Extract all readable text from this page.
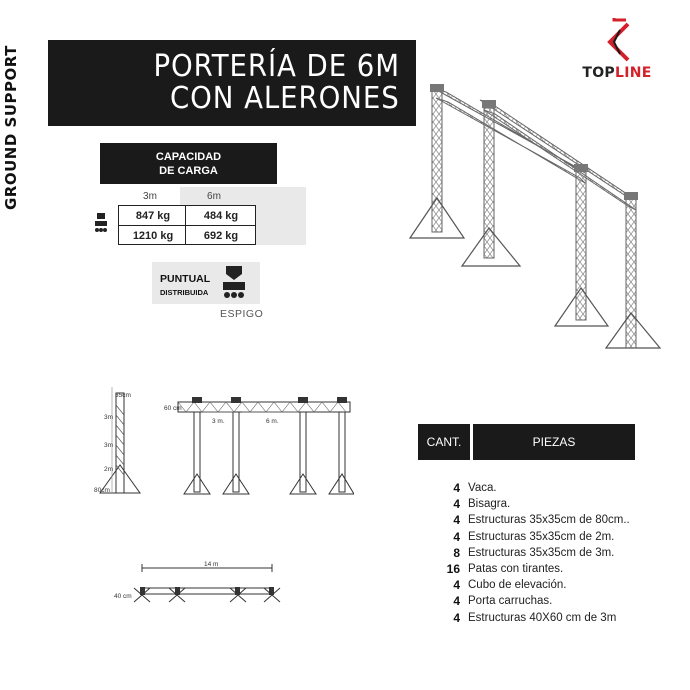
GROUND SUPPORT	PORTERÍA DE 6M
CON ALERONES
TOPLINE
CAPACIDAD
DE CARGA
3m	6m
847 kg	484 kg
1210 kg	692 kg
PUNTUAL
DISTRIBUIDA
ESPIGO
35cm
3m
3m
2m
80cm
60 cm
3 m.	6 m.
14 m
40 cm
CANT.	PIEZAS
4 Vaca.
4 Bisagra.
4 Estructuras 35x35cm de 80cm..
4 Estructuras 35x35cm de 2m.
8 Estructuras 35x35cm de 3m.
16 Patas con tirantes.
4 Cubo de elevación.
4 Porta carruchas.
4 Estructuras 40X60 cm de 3m
